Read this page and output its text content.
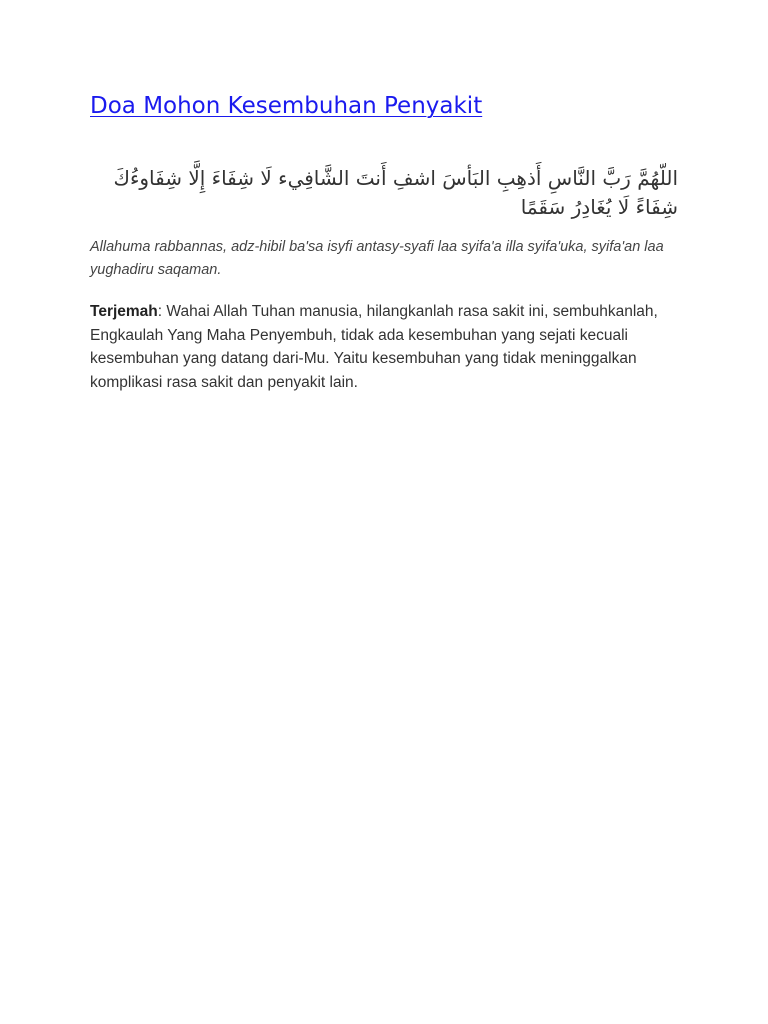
Doa Mohon Kesembuhan Penyakit
اللّهُمَّ رَبَّ النَّاسِ أَذهِبِ البَأسَ اشفِ أَنتَ الشَّافِيء لَا شِفَاءَ إِلَّا شِفَاوءُكَ شِفَاءً لَا يُغَادِرُ سَقَمًا
Allahuma rabbannas, adz-hibil ba'sa isyfi antasy-syafi laa syifa'a illa syifa'uka, syifa'an laa yughadiru saqaman.
Terjemah: Wahai Allah Tuhan manusia, hilangkanlah rasa sakit ini, sembuhkanlah, Engkaulah Yang Maha Penyembuh, tidak ada kesembuhan yang sejati kecuali kesembuhan yang datang dari-Mu. Yaitu kesembuhan yang tidak meninggalkan komplikasi rasa sakit dan penyakit lain.
